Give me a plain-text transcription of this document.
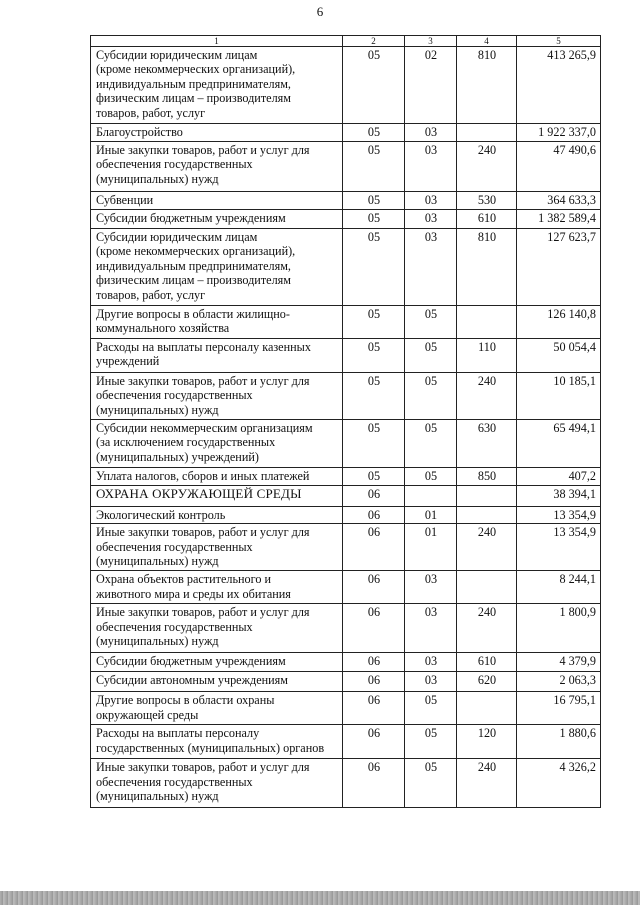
6
1	2	3	4	5
Субсидии юридическим лицам
(кроме некоммерческих организаций),
индивидуальным предпринимателям,
физическим лицам – производителям
товаров, работ, услуг	05	02	810	413 265,9
Благоустройство	05	03		1 922 337,0
Иные закупки товаров, работ и услуг для
обеспечения государственных
(муниципальных) нужд	05	03	240	47 490,6
Субвенции	05	03	530	364 633,3
Субсидии бюджетным учреждениям	05	03	610	1 382 589,4
Субсидии юридическим лицам
(кроме некоммерческих организаций),
индивидуальным предпринимателям,
физическим лицам – производителям
товаров, работ, услуг	05	03	810	127 623,7
Другие вопросы в области жилищно-
коммунального хозяйства	05	05		126 140,8
Расходы на выплаты персоналу казенных
учреждений	05	05	110	50 054,4
Иные закупки товаров, работ и услуг для
обеспечения государственных
(муниципальных) нужд	05	05	240	10 185,1
Субсидии некоммерческим организациям
(за исключением государственных
(муниципальных) учреждений)	05	05	630	65 494,1
Уплата налогов, сборов и иных платежей	05	05	850	407,2
ОХРАНА ОКРУЖАЮЩЕЙ СРЕДЫ	06			38 394,1
Экологический контроль	06	01		13 354,9
Иные закупки товаров, работ и услуг для
обеспечения государственных
(муниципальных) нужд	06	01	240	13 354,9
Охрана объектов растительного и
животного мира и среды их обитания	06	03		8 244,1
Иные закупки товаров, работ и услуг для
обеспечения государственных
(муниципальных) нужд	06	03	240	1 800,9
Субсидии бюджетным учреждениям	06	03	610	4 379,9
Субсидии автономным учреждениям	06	03	620	2 063,3
Другие вопросы в области охраны
окружающей среды	06	05		16 795,1
Расходы на выплаты персоналу
государственных (муниципальных) органов	06	05	120	1 880,6
Иные закупки товаров, работ и услуг для
обеспечения государственных
(муниципальных) нужд	06	05	240	4 326,2
